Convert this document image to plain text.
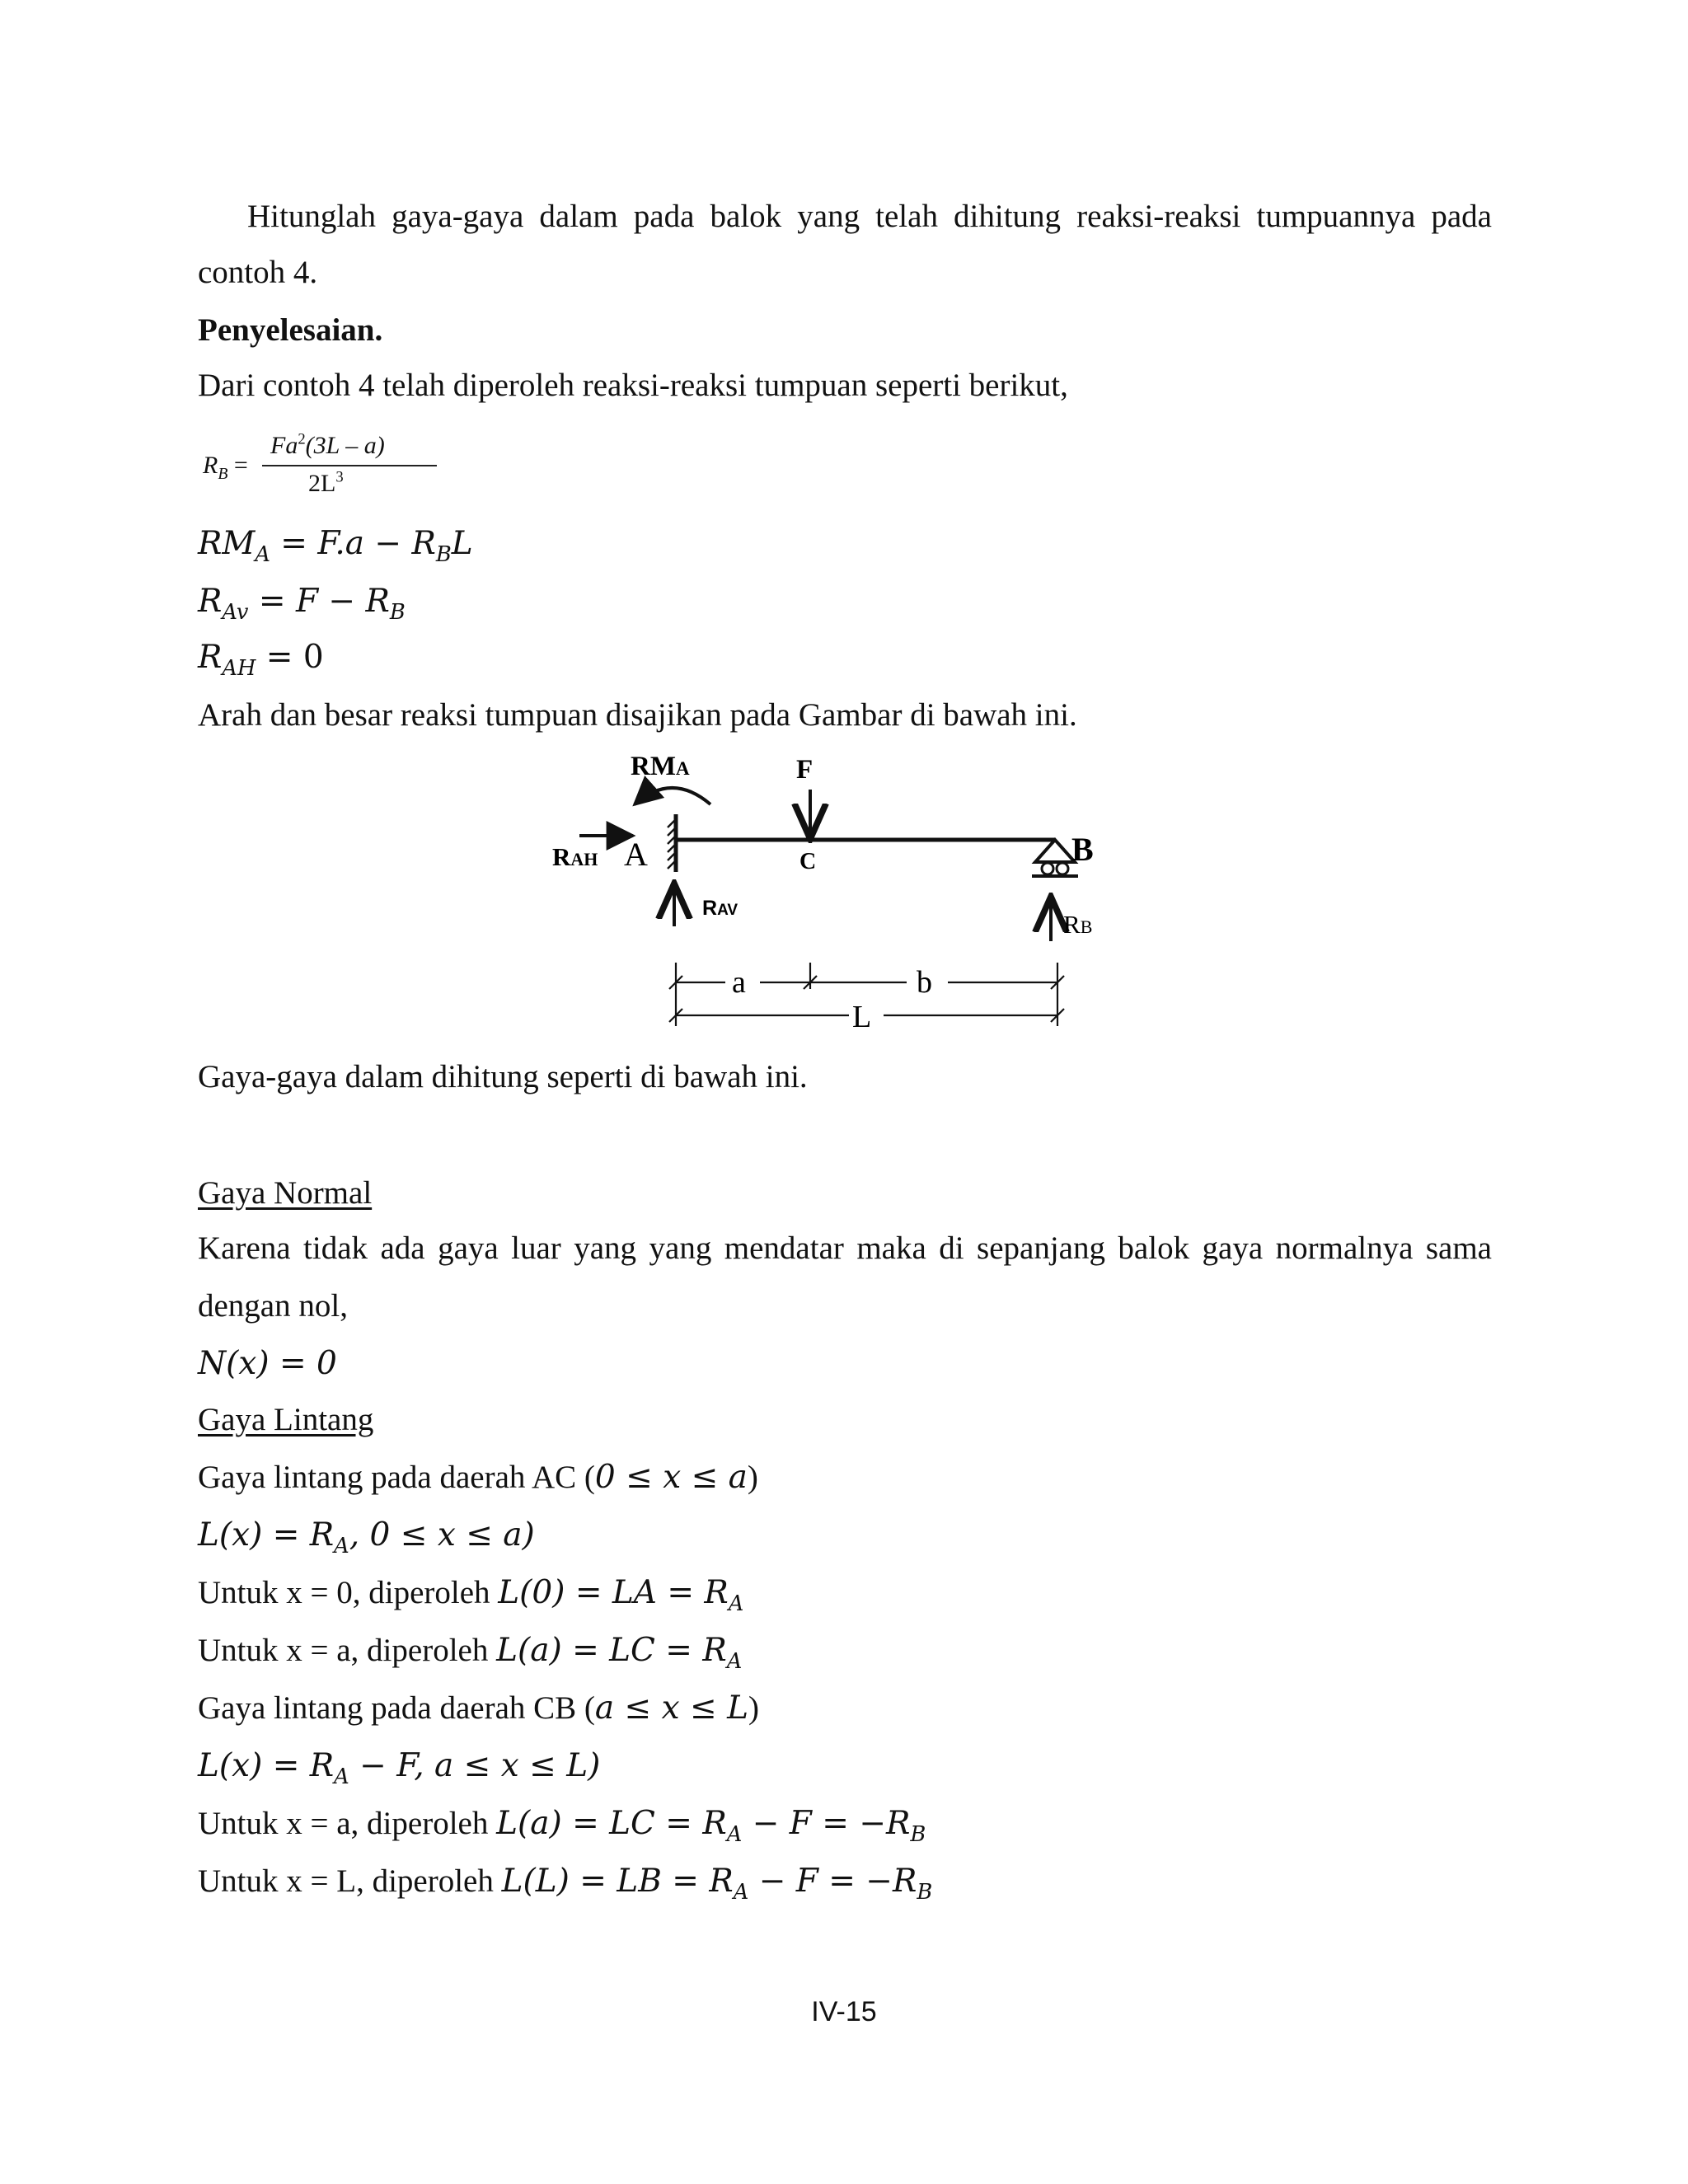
Hitunglah gaya-gaya dalam pada balok yang telah dihitung reaksi-reaksi tumpuannya pada
contoh 4.
Penyelesaian.
Dari contoh 4 telah diperoleh reaksi-reaksi tumpuan seperti berikut,
$R_B$ =
$Fa^2(3L - a)$
$2L^3$
$RM_A = F.a - R_BL$
$R_{Av} = F - R_B$
$R_{AH} = 0$
Arah dan besar reaksi tumpuan disajikan pada Gambar di bawah ini.
RMA	F
RAH A	C	B
RAV	RB
a	b
L
Gaya-gaya dalam dihitung seperti di bawah ini.
Gaya Normal
Karena tidak ada gaya luar yang yang mendatar maka di sepanjang balok gaya normalnya sama
dengan nol,
N(x) = 0
Gaya Lintang
Gaya lintang pada daerah AC (0 ≤ x ≤ a)
$L(x) = R_A$, 0 ≤ x ≤ a)
Untuk x = 0, diperoleh L(0) = LA = $R_A$
Untuk x = a, diperoleh L(a) = LC = $R_A$
Gaya lintang pada daerah CB (a ≤ x ≤ L)
$L(x) = R_A - F$, a ≤ x ≤ L)
Untuk x = a, diperoleh L(a) = LC = $R_A - F = -R_B$
Untuk x = L, diperoleh L(L) = LB = $R_A - F = -R_B$
IV-15
